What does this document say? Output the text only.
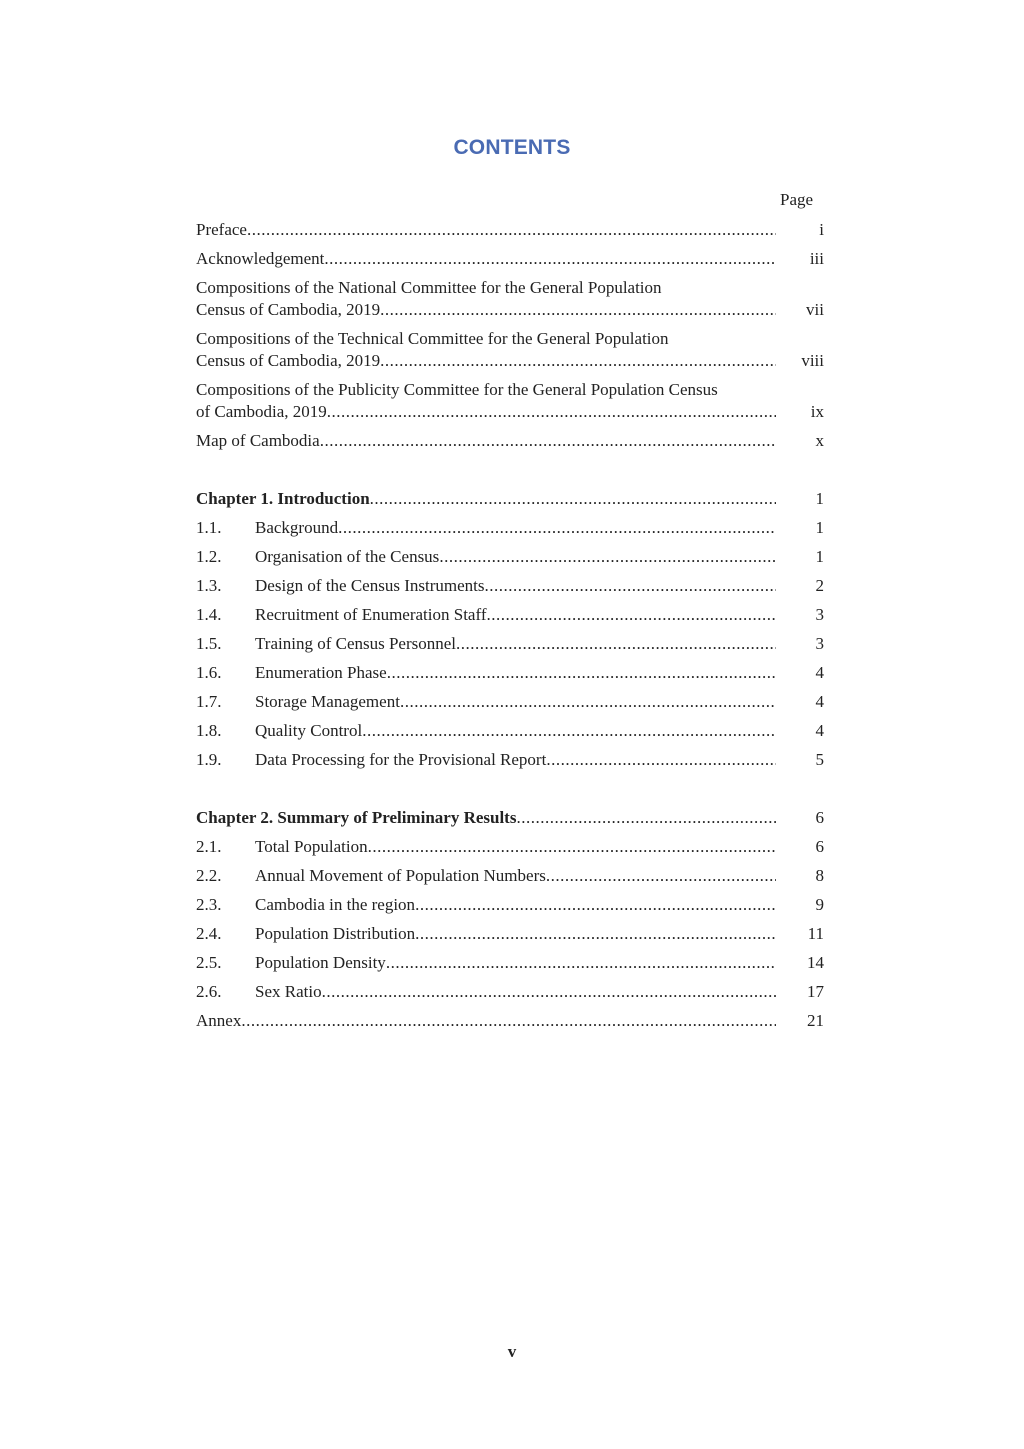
CONTENTS
Page
Preface .....	i
Acknowledgement .....	iii
Compositions of the National Committee for the General Population
Census of Cambodia, 2019 .....	vii
Compositions of the Technical Committee for the General Population
Census of Cambodia, 2019 .....	viii
Compositions of the Publicity Committee for the General Population Census
of Cambodia, 2019 .....	ix
Map of Cambodia .....	x
Chapter 1. Introduction .....	1
1.1. Background .....	1
1.2. Organisation of the Census .....	1
1.3. Design of the Census Instruments .....	2
1.4. Recruitment of Enumeration Staff .....	3
1.5. Training of Census Personnel .....	3
1.6. Enumeration Phase .....	4
1.7. Storage Management .....	4
1.8. Quality Control .....	4
1.9. Data Processing for the Provisional Report .....	5
Chapter 2. Summary of Preliminary Results .....	6
2.1. Total Population .....	6
2.2. Annual Movement of Population Numbers .....	8
2.3. Cambodia in the region .....	9
2.4. Population Distribution .....	11
2.5. Population Density .....	14
2.6. Sex Ratio .....	17
Annex .....	21
v
